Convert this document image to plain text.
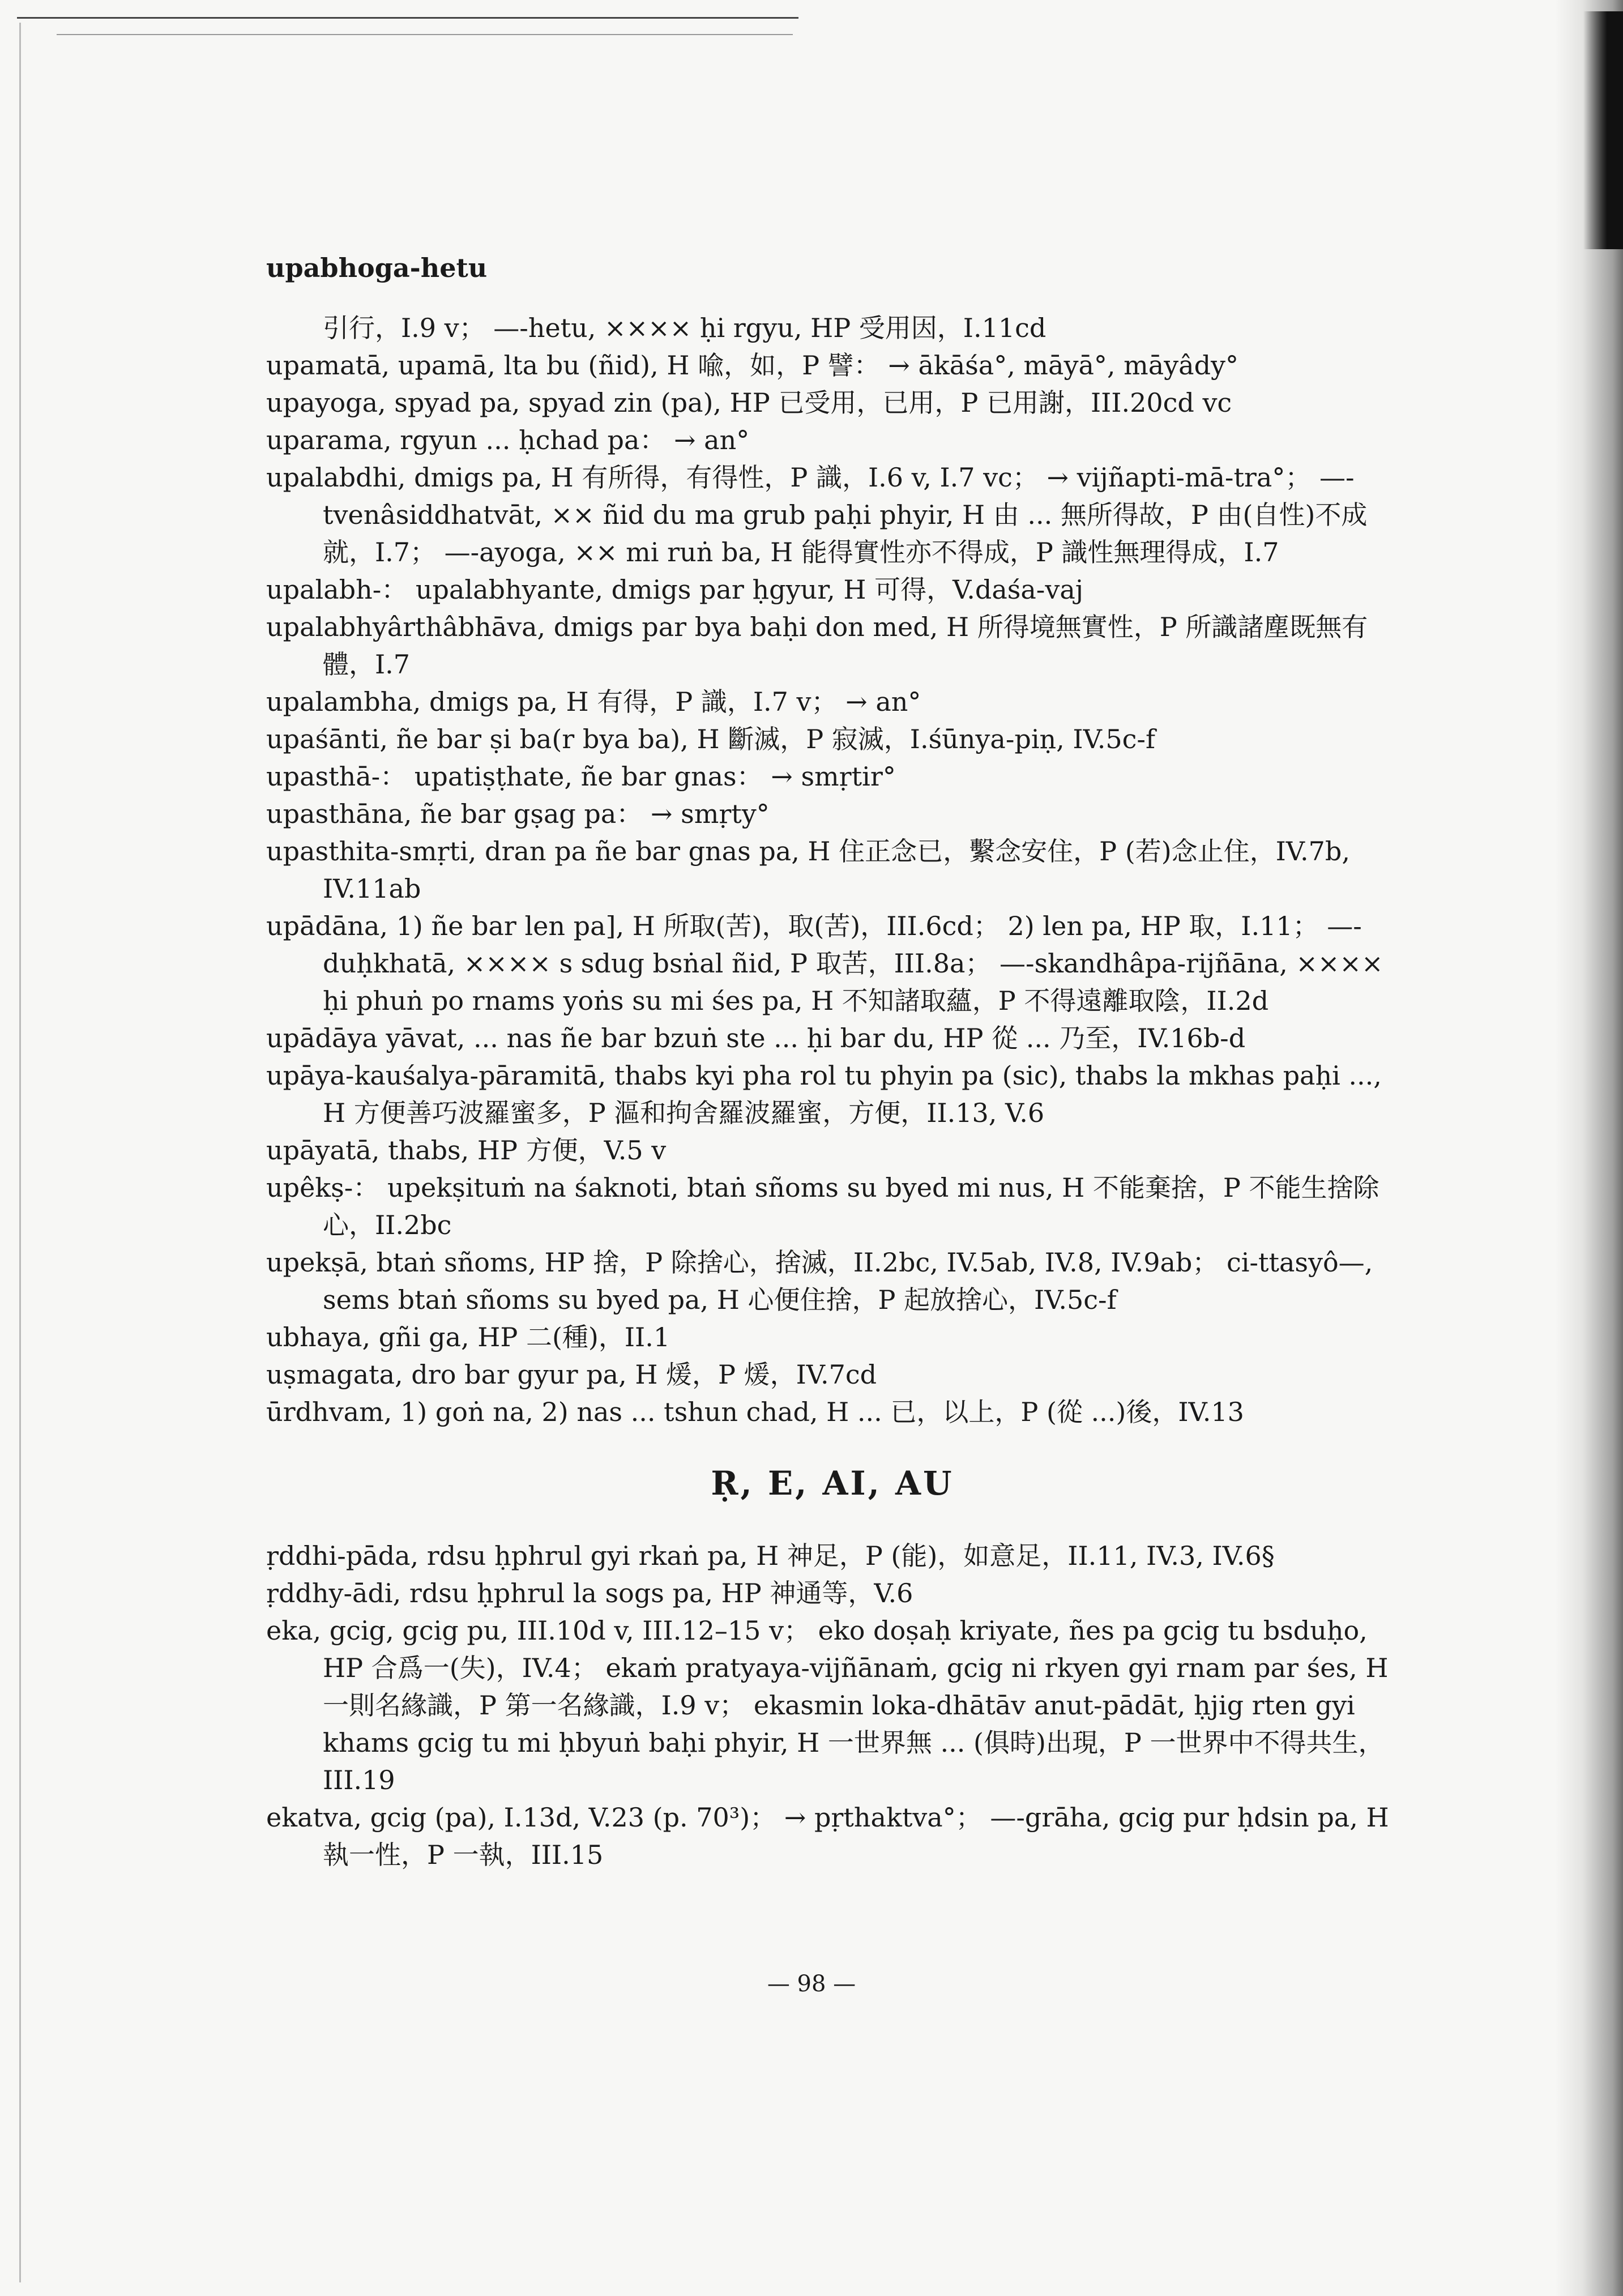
upabhoga-hetu

引行，I.9 v； —-hetu, ×××× ḥi rgyu, HP 受用因，I.11cd

upamatā, upamā, lta bu (ñid), H 喩，如，P 譬： → ākāśa°, māyā°, māyâdy°

upayoga, spyad pa, spyad zin (pa), HP 已受用，已用，P 已用謝，III.20cd vc

uparama, rgyun ... ḥchad pa： → an°

upalabdhi, dmigs pa, H 有所得，有得性，P 識，I.6 v, I.7 vc； → vijñapti-mā-tra°； —-tvenâsiddhatvāt, ×× ñid du ma grub paḥi phyir, H 由 ... 無所得故，P 由(自性)不成就，I.7； —-ayoga, ×× mi ruṅ ba, H 能得實性亦不得成，P 識性無理得成，I.7

upalabh-： upalabhyante, dmigs par ḥgyur, H 可得，V.daśa-vaj

upalabhyârthâbhāva, dmigs par bya baḥi don med, H 所得境無實性，P 所識諸塵既無有體，I.7

upalambha, dmigs pa, H 有得，P 識，I.7 v； → an°

upaśānti, ñe bar ṣi ba(r bya ba), H 斷滅，P 寂滅，I.śūnya-piṇ, IV.5c-f

upasthā-： upatiṣṭhate, ñe bar gnas： → smṛtir°

upasthāna, ñe bar gṣag pa： → smṛty°

upasthita-smṛti, dran pa ñe bar gnas pa, H 住正念已，繫念安住，P (若)念止住，IV.7b, IV.11ab

upādāna, 1) ñe bar len pa], H 所取(苦)，取(苦)，III.6cd； 2) len pa, HP 取，I.11； —-duḥkhatā, ×××× s sdug bsṅal ñid, P 取苦，III.8a； —-skandhâpa-rijñāna, ×××× ḥi phuṅ po rnams yoṅs su mi śes pa, H 不知諸取蘊，P 不得遠離取陰，II.2d

upādāya yāvat, ... nas ñe bar bzuṅ ste ... ḥi bar du, HP 從 ... 乃至，IV.16b-d

upāya-kauśalya-pāramitā, thabs kyi pha rol tu phyin pa (sic), thabs la mkhas paḥi ..., H 方便善巧波羅蜜多，P 漚和拘舍羅波羅蜜，方便，II.13, V.6

upāyatā, thabs, HP 方便，V.5 v

upêkṣ-： upekṣituṁ na śaknoti, btaṅ sñoms su byed mi nus, H 不能棄捨，P 不能生捨除心，II.2bc

upekṣā, btaṅ sñoms, HP 捨，P 除捨心，捨滅，II.2bc, IV.5ab, IV.8, IV.9ab； ci-ttasyô—, sems btaṅ sñoms su byed pa, H 心便住捨，P 起放捨心，IV.5c-f

ubhaya, gñi ga, HP 二(種)，II.1

uṣmagata, dro bar gyur pa, H 煖，P 煖，IV.7cd

ūrdhvam, 1) goṅ na, 2) nas ... tshun chad, H ... 已，以上，P (從 ...)後，IV.13

Ṛ, E, AI, AU

ṛddhi-pāda, rdsu ḥphrul gyi rkaṅ pa, H 神足，P (能)，如意足，II.11, IV.3, IV.6§

ṛddhy-ādi, rdsu ḥphrul la sogs pa, HP 神通等，V.6

eka, gcig, gcig pu, III.10d v, III.12–15 v； eko doṣaḥ kriyate, ñes pa gcig tu bsduḥo, HP 合爲一(失)，IV.4； ekaṁ pratyaya-vijñānaṁ, gcig ni rkyen gyi rnam par śes, H 一則名緣識，P 第一名緣識，I.9 v； ekasmin loka-dhātāv anut-pādāt, ḥjig rten gyi khams gcig tu mi ḥbyuṅ baḥi phyir, H 一世界無 ... (俱時)出現，P 一世界中不得共生，III.19

ekatva, gcig (pa), I.13d, V.23 (p. 70³)； → pṛthaktva°； —-grāha, gcig pur ḥdsin pa, H 執一性，P 一執，III.15

— 98 —
